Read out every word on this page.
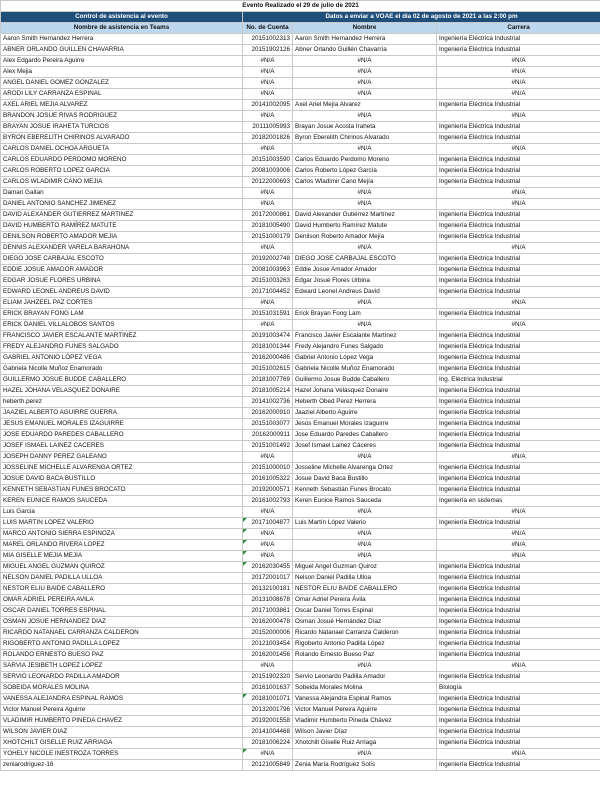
Evento Realizado el 29 de julio de 2021			
Control de asistencia al evento	Datos a enviar a VOAE el día 02 de agosto de 2021 a las 2:00 pm		
Nombre de asistencia en Teams	No. de Cuenta	Nombre	Carrera
Aaron Smith Hernandez Herrera	20151002313	Aaron Smith Hernandez Herrera	Ingeniería Eléctrica Industrial
ABNER ORLANDO GUILLEN CHAVARRIA	20151902126	Abner Orlando Guillén Chavarría	Ingeniería Eléctrica Industrial
Alex Edgardo Pereira Aguirre	#N/A	#N/A	#N/A
Alex Mejia	#N/A	#N/A	#N/A
ANGEL DANIEL GOMEZ GONZALEZ	#N/A	#N/A	#N/A
ARODI LILY CARRANZA ESPINAL	#N/A	#N/A	#N/A
AXEL ARIEL MEJIA ALVAREZ	20141002095	Axel Ariel Mejía Alvarez	Ingeniería Eléctrica Industrial
BRANDON JOSUE RIVAS RODRIGUEZ	#N/A	#N/A	#N/A
BRAYAN JOSUE IRAHETA TURCIOS	20111005993	Brayan Josue Acosta Iraheta	Ingeniería Eléctrica Industrial
BYRON EBERELITH CHIRINOS ALVARADO	20182001826	Byron Eberelith Chirinos Alvarado	Ingeniería Eléctrica Industrial
CARLOS DANIEL OCHOA ARGUETA	#N/A	#N/A	#N/A
CARLOS EDUARDO PERDOMO MORENO	20151003590	Carlos Eduardo Perdomo Moreno	Ingeniería Eléctrica Industrial
CARLOS ROBERTO LOPEZ GARCIA	20081003006	Carlos Roberto López García	Ingeniería Eléctrica Industrial
CARLOS WLADIMIR CANO MEJIA	20122000693	Carlos Wladimir Cano Mejía	Ingeniería Eléctrica Industrial
Damari Gaitan	#N/A	#N/A	#N/A
DANIEL ANTONIO SANCHEZ JIMENEZ	#N/A	#N/A	#N/A
DAVID ALEXANDER GUTIERREZ MARTINEZ	20172000861	David Alexander Gutiérrez Martínez	Ingeniería Eléctrica Industrial
DAVID HUMBERTO RAMÍREZ MATUTE	20181005490	David Humberto Ramírez Matute	Ingeniería Eléctrica Industrial
DENILSON ROBERTO AMADOR MEJIA	20151000179	Denilson Roberto Amador Mejía	Ingeniería Eléctrica Industrial
DENNIS ALEXANDER VARELA BARAHONA	#N/A	#N/A	#N/A
DIEGO JOSE CARBAJAL ESCOTO	20192002748	DIEGO JOSE CARBAJAL ESCOTO	Ingeniería Eléctrica Industrial
EDDIE JOSUE AMADOR AMADOR	20081003963	Eddie Josue Amador Amador	Ingeniería Eléctrica Industrial
EDGAR JOSUE FLORES URBINA	20151003263	Edgar Josué Flores Urbina	Ingeniería Eléctrica Industrial
EDWARD LEONEL ANDREUS DAVID	20171004452	Edward Leonel Andreus David	Ingeniería Eléctrica Industrial
ELIAM JAHZEEL PAZ CORTES	#N/A	#N/A	#N/A
ERICK BRAYAN FONG LAM	20151031591	Erick Brayan Fong Lam	Ingeniería Eléctrica Industrial
ERICK DANIEL VILLALOBOS SANTOS	#N/A	#N/A	#N/A
FRANCISCO JAVIER ESCALANTE MARTINEZ	20191003474	Francisco Javier Escalante Martínez	Ingeniería Eléctrica Industrial
FREDY ALEJANDRO FUNES SALGADO	20181001344	Fredy Alejandro Funes Salgado	Ingeniería Eléctrica Industrial
GABRIEL ANTONIO LÓPEZ VEGA	20162000486	Gabriel Antonio López Vega	Ingeniería Eléctrica Industrial
Gabriela Nicolle Muñoz Enamorado	20151002615	Gabriela Nicolle Muñoz Enamorado	Ingeniería Eléctrica Industrial
GUILLERMO JOSUE BUDDE CABALLERO	20181007769	Guillermo Josue Budde Caballero	Ing. Eléctrica Industrial
HAZEL JOHANA VELASQUEZ DONAIRE	20181005214	Hazel Johana Velásquez Donaire	Ingeniería Eléctrica Industrial
heberth.perez	20141002736	Heberth Obed Perez Herrera	Ingeniería Eléctrica Industrial
JAAZIEL ALBERTO AGUIRRE GUERRA	20162000910	Jaaziel Alberto Aguirre	Ingeniería Eléctrica Industrial
JESUS EMANUEL MORALES IZAGUIRRE	20151003077	Jesús Emanuel Morales Izaguirre	Ingeniería Eléctrica Industrial
JOSE EDUARDO PAREDES CABALLERO	20162000911	Jose Eduardo Paredes Caballero	Ingeniería Eléctrica Industrial
JOSEF ISMAEL LAINEZ CACERES	20151001492	Josef Ismael Lainez Cáceres	Ingeniería Eléctrica Industrial
JOSEPH DANNY PEREZ GALEANO	#N/A	#N/A	#N/A
JOSSELINE MICHELLE ALVARENGA ORTEZ	20151000010	Josseline Michelle Alvarenga Ortez	Ingeniería Eléctrica Industrial
JOSUE DAVID BACA BUSTILLO	20161005322	Josue David Baca Bustillo	Ingeniería Eléctrica Industrial
KENNETH SEBASTIAN FUNES BROCATO	20192000571	Kenneth Sebastián Funes Brocato	Ingeniería Eléctrica Industrial
KEREN EUNICE RAMOS SAUCEDA	20161002793	Keren Eunice Ramos Sauceda	Ingeniería en sistemas
Luis Garcia	#N/A	#N/A	#N/A
LUIS MARTIN LOPEZ VALERIO	20171004877	Luis Martín López Valerio	Ingeniería Eléctrica Industrial
MARCO ANTONIO SIERRA ESPINOZA	#N/A	#N/A	#N/A
MAREL ORLANDO RIVERA LOPEZ	#N/A	#N/A	#N/A
MIA GISELLE MEJIA MEJIA	#N/A	#N/A	#N/A
MIGUEL ANGEL GUZMAN QUIROZ	20162030455	Miguel Angel Guzman Quiroz	Ingeniería Eléctrica Industrial
NELSON DANIEL PADILLA ULLOA	20172001017	Nelson Daniel Padilla Ulloa	Ingeniería Eléctrica Industrial
NESTOR ELIU BAIDE CABALLERO	20132100181	NESTOR ELIU BAIDE CABALLERO	Ingeniería Eléctrica Industrial
OMAR ADRIEL PEREIRA AVILA	20131008678	Omar Adriel Pereira Ávila	Ingeniería Eléctrica Industrial
OSCAR DANIEL TORRES ESPINAL	20171003861	Oscar Daniel Torres Espinal	Ingeniería Eléctrica Industrial
OSMAN JOSUE HERNANDEZ DIAZ	20162000478	Osman Josué Hernández Díaz	Ingeniería Eléctrica Industrial
RICARDO NATANAEL CARRANZA CALDERON	20152000006	Ricardo Natanael Carranza Calderon	Ingeniería Eléctrica Industrial
RIGOBERTO ANTONIO PADILLA LOPEZ	20121003454	Rigoberto Antonio Padilla López	Ingeniería Eléctrica Industrial
ROLANDO ERNESTO BUESO PAZ	20162001456	Rolando Ernesto Bueso Paz	Ingeniería Eléctrica Industrial
SARVIA JESIBETH LOPEZ LOPEZ	#N/A	#N/A	#N/A
SERVIO LEONARDO PADILLA AMADOR	20151902320	Servio Leonardo Padilla Amador	Ingeniería Eléctrica Industrial
SOBEIDA MORALES MOLINA	20161001637	Sobeida Morales Molina	Biología
VANESSA ALEJANDRA ESPINAL RAMOS	20181001071	Vanessa Alejandra Espinal Ramos	Ingeniería Eléctrica Industrial
Victor Manuel Pereira Aguirre	20132001796	Victor Manuel Pereira Aguirre	Ingeniería Eléctrica Industrial
VLADIMIR HUMBERTO PINEDA CHAVEZ	20192001558	Vladimir Humberto Pineda Chávez	Ingeniería Eléctrica Industrial
WILSON JAVIER DIAZ	20141004468	Wilson Javier Díaz	Ingeniería Eléctrica Industrial
XHOTCHILT GISELLE RUIZ ARRIAGA	20181006224	Xhotchilt Giselle Ruiz Arriaga	Ingeniería Eléctrica Industrial
YOHELY NICOLE INESTROZA TORRES	#N/A	#N/A	#N/A
zeniarodriguez-16	20121005849	Zenia María Rodríguez Solís	Ingeniería Eléctrica Industrial
